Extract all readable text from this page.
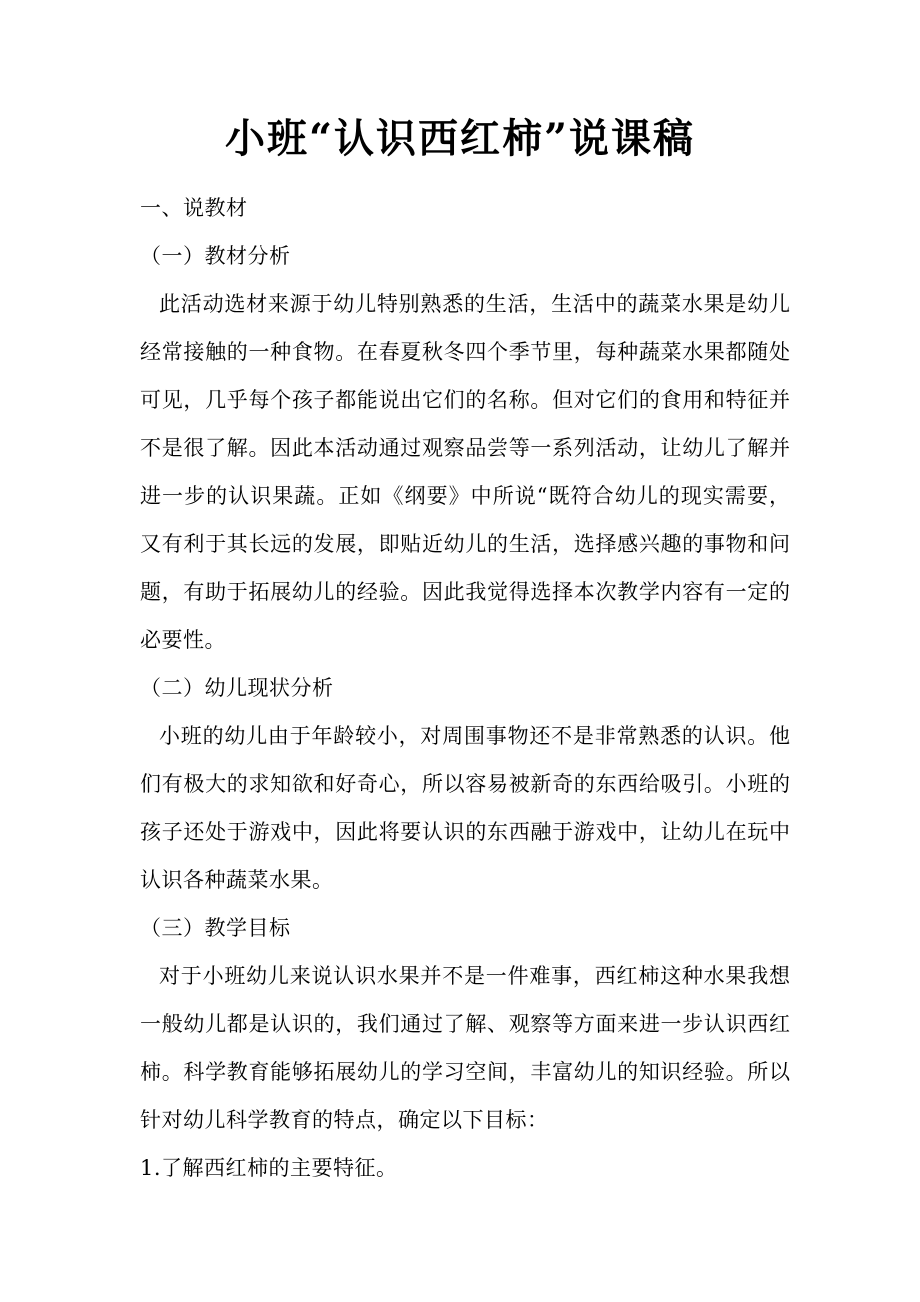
小班“认识西红柿”说课稿
一、说教材
（一）教材分析
此活动选材来源于幼儿特别熟悉的生活，生活中的蔬菜水果是幼儿
经常接触的一种食物。在春夏秋冬四个季节里，每种蔬菜水果都随处
可见，几乎每个孩子都能说出它们的名称。但对它们的食用和特征并
不是很了解。因此本活动通过观察品尝等一系列活动，让幼儿了解并
进一步的认识果蔬。正如《纲要》中所说“既符合幼儿的现实需要，
又有利于其长远的发展，即贴近幼儿的生活，选择感兴趣的事物和问
题，有助于拓展幼儿的经验。因此我觉得选择本次教学内容有一定的
必要性。
（二）幼儿现状分析
小班的幼儿由于年龄较小，对周围事物还不是非常熟悉的认识。他
们有极大的求知欲和好奇心，所以容易被新奇的东西给吸引。小班的
孩子还处于游戏中，因此将要认识的东西融于游戏中，让幼儿在玩中
认识各种蔬菜水果。
（三）教学目标
对于小班幼儿来说认识水果并不是一件难事，西红柿这种水果我想
一般幼儿都是认识的，我们通过了解、观察等方面来进一步认识西红
柿。科学教育能够拓展幼儿的学习空间，丰富幼儿的知识经验。所以
针对幼儿科学教育的特点，确定以下目标：
1.了解西红柿的主要特征。
